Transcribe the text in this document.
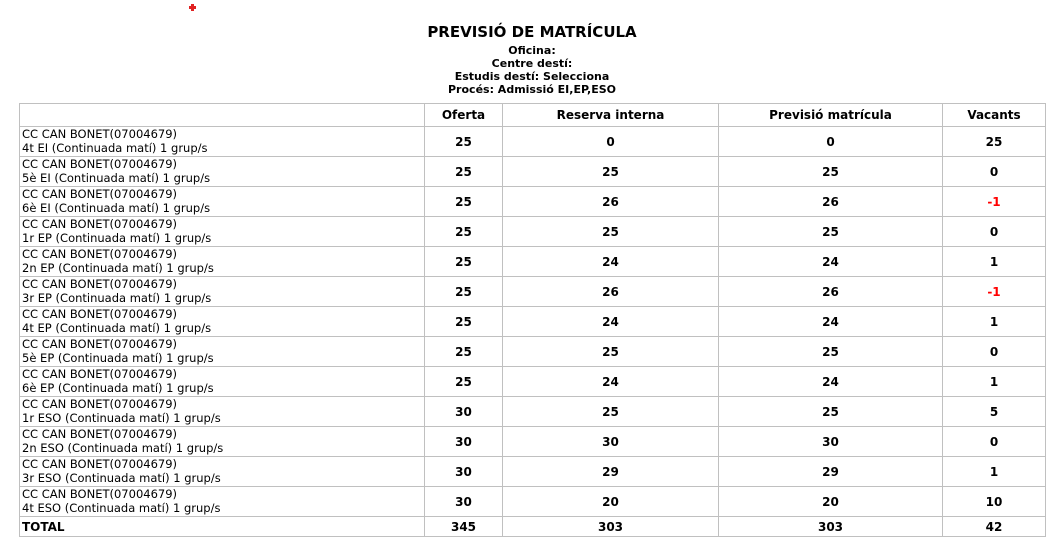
PREVISIÓ DE MATRÍCULA
Oficina:
Centre destí:
Estudis destí: Selecciona
Procés: Admissió EI,EP,ESO
	Oferta	Reserva interna	Previsió matrícula	Vacants

CC CAN BONET(07004679)
4t EI (Continuada matí) 1 grup/s	25	0	0	25

CC CAN BONET(07004679)
5è EI (Continuada matí) 1 grup/s	25	25	25	0

CC CAN BONET(07004679)
6è EI (Continuada matí) 1 grup/s	25	26	26	-1

CC CAN BONET(07004679)
1r EP (Continuada matí) 1 grup/s	25	25	25	0

CC CAN BONET(07004679)
2n EP (Continuada matí) 1 grup/s	25	24	24	1

CC CAN BONET(07004679)
3r EP (Continuada matí) 1 grup/s	25	26	26	-1

CC CAN BONET(07004679)
4t EP (Continuada matí) 1 grup/s	25	24	24	1

CC CAN BONET(07004679)
5è EP (Continuada matí) 1 grup/s	25	25	25	0

CC CAN BONET(07004679)
6è EP (Continuada matí) 1 grup/s	25	24	24	1

CC CAN BONET(07004679)
1r ESO (Continuada matí) 1 grup/s	30	25	25	5

CC CAN BONET(07004679)
2n ESO (Continuada matí) 1 grup/s	30	30	30	0

CC CAN BONET(07004679)
3r ESO (Continuada matí) 1 grup/s	30	29	29	1

CC CAN BONET(07004679)
4t ESO (Continuada matí) 1 grup/s	30	20	20	10
TOTAL	345	303	303	42
